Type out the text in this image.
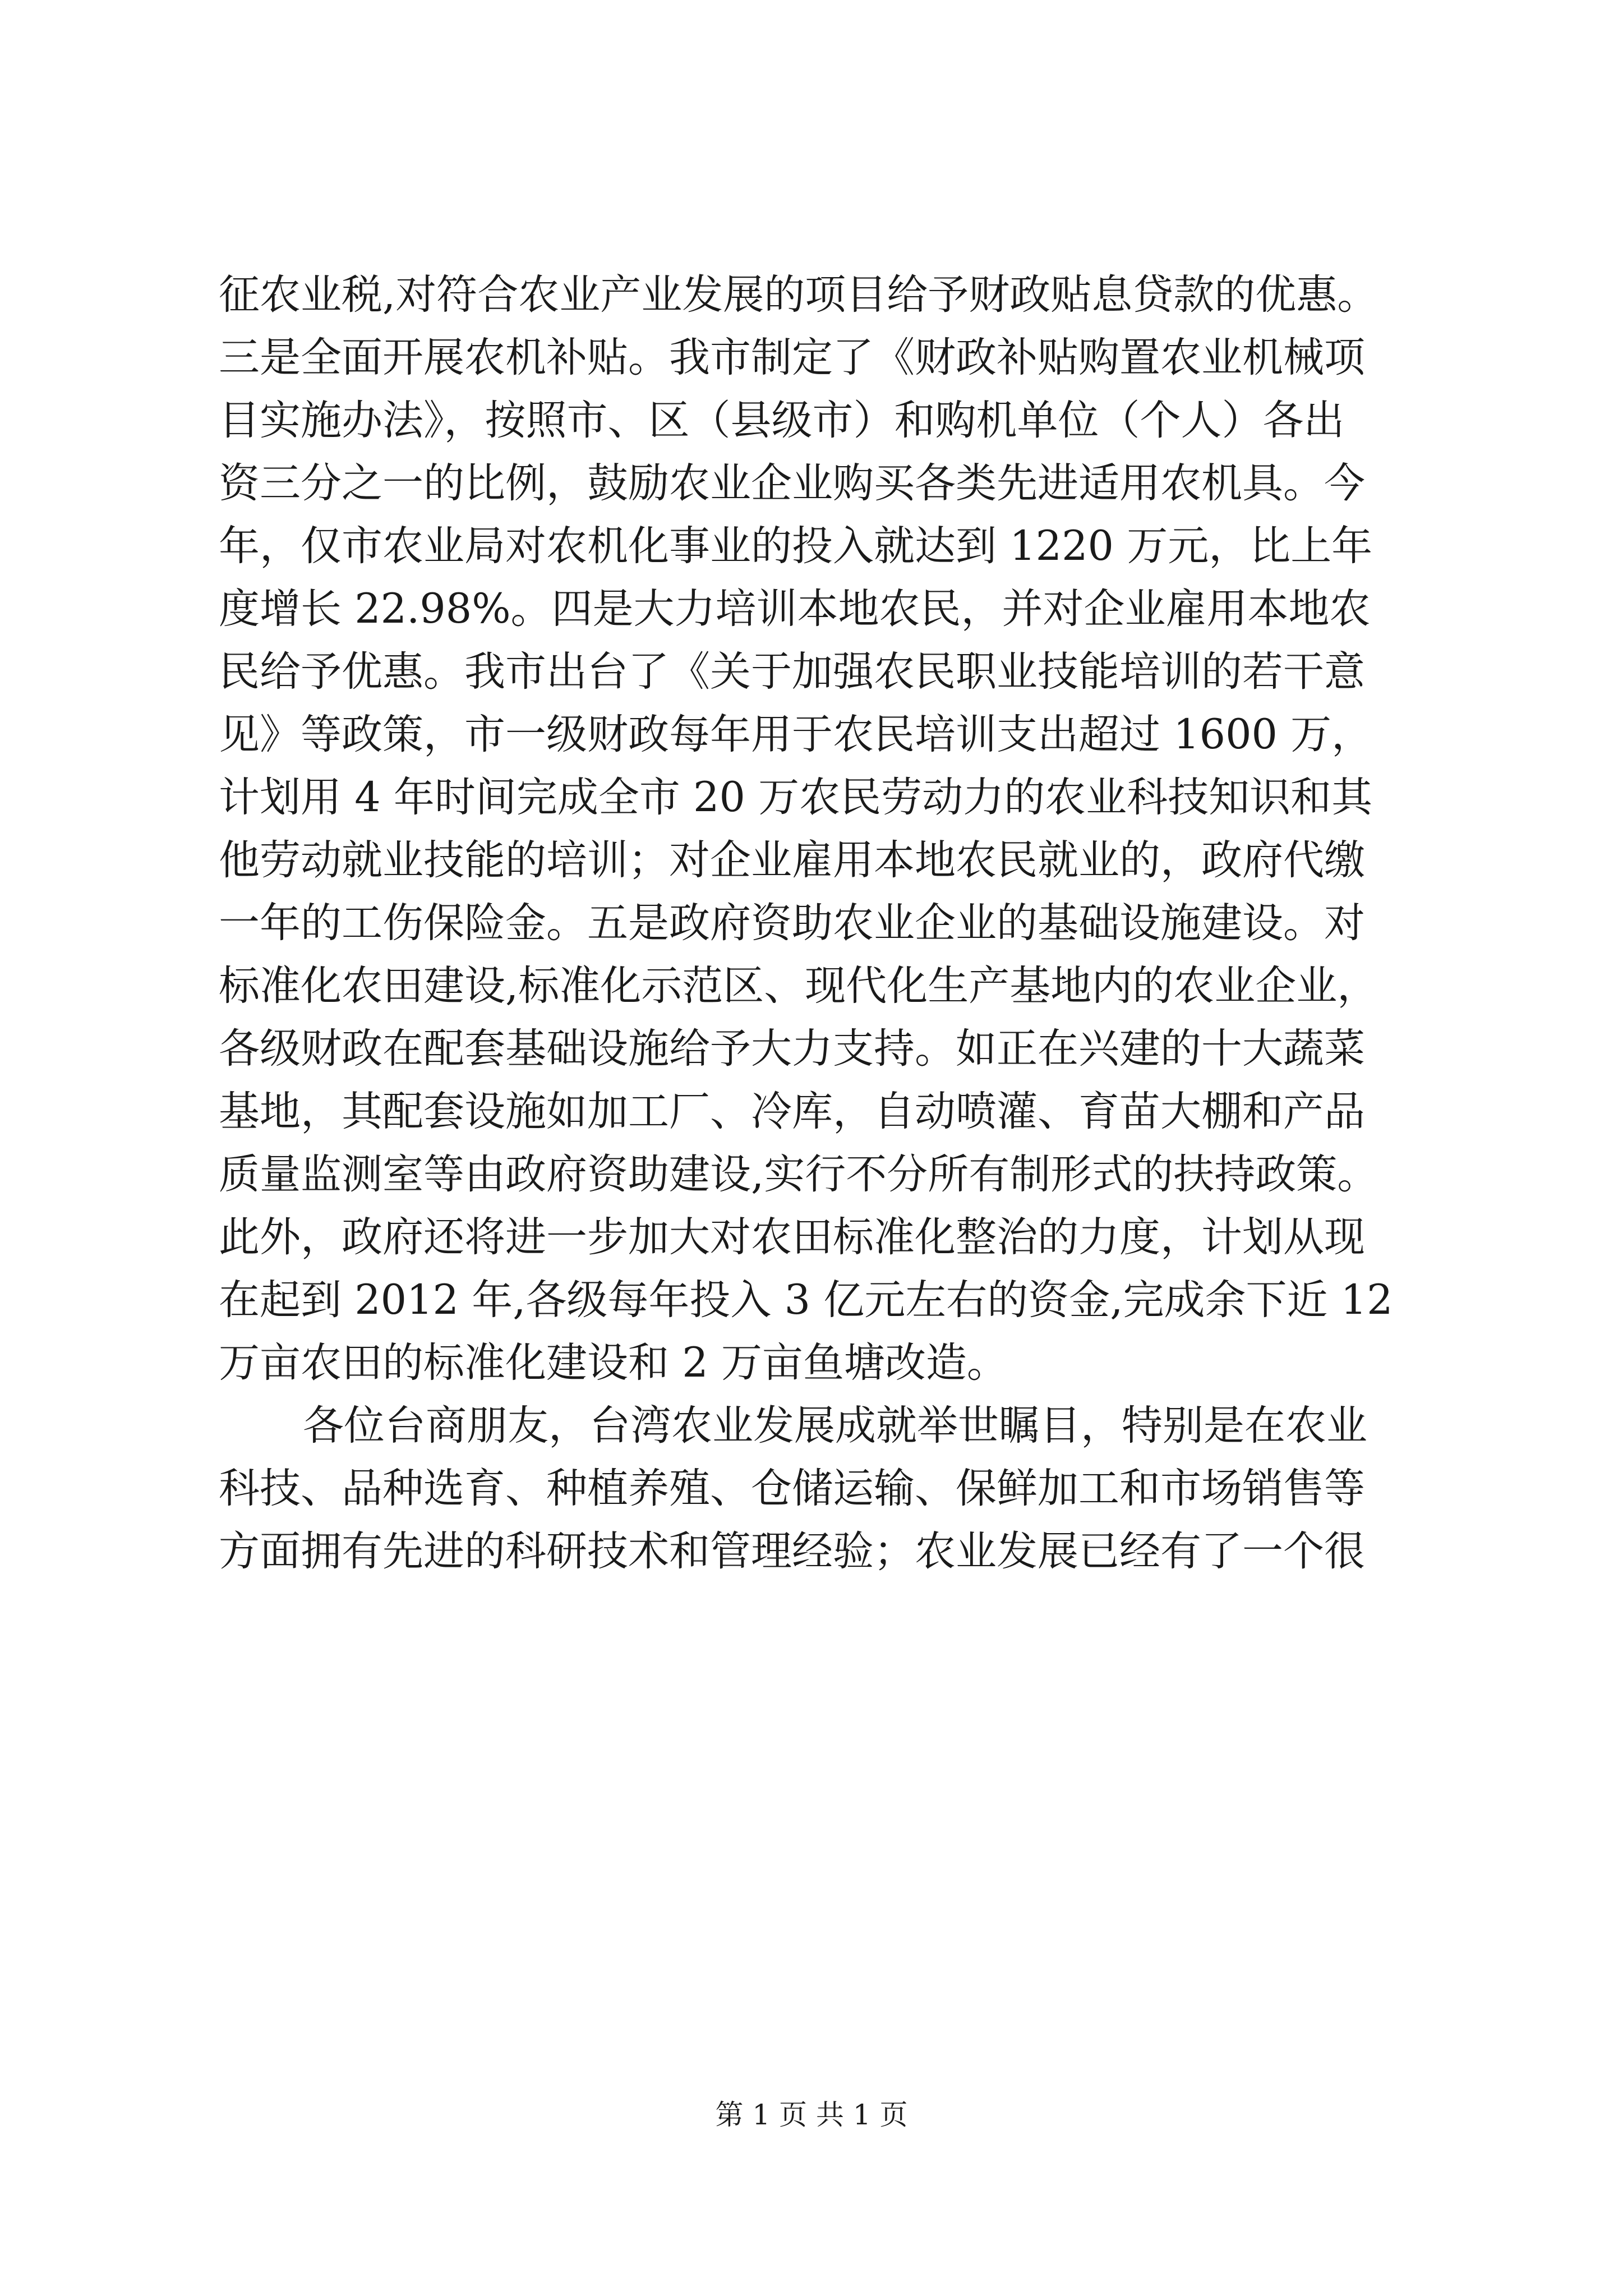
征农业税,对符合农业产业发展的项目给予财政贴息贷款的优惠。
三是全面开展农机补贴。我市制定了《财政补贴购置农业机械项
目实施办法》，按照市、区（县级市）和购机单位（个人）各出
资三分之一的比例，鼓励农业企业购买各类先进适用农机具。今
年，仅市农业局对农机化事业的投入就达到 1220 万元，比上年
度增长 22.98%。四是大力培训本地农民，并对企业雇用本地农
民给予优惠。我市出台了《关于加强农民职业技能培训的若干意
见》等政策，市一级财政每年用于农民培训支出超过 1600 万，
计划用 4 年时间完成全市 20 万农民劳动力的农业科技知识和其
他劳动就业技能的培训；对企业雇用本地农民就业的，政府代缴
一年的工伤保险金。五是政府资助农业企业的基础设施建设。对
标准化农田建设,标准化示范区、现代化生产基地内的农业企业，
各级财政在配套基础设施给予大力支持。如正在兴建的十大蔬菜
基地，其配套设施如加工厂、冷库，自动喷灌、育苗大棚和产品
质量监测室等由政府资助建设,实行不分所有制形式的扶持政策。
此外，政府还将进一步加大对农田标准化整治的力度，计划从现
在起到 2012 年,各级每年投入 3 亿元左右的资金,完成余下近 12
万亩农田的标准化建设和 2 万亩鱼塘改造。
各位台商朋友，台湾农业发展成就举世瞩目，特别是在农业
科技、品种选育、种植养殖、仓储运输、保鲜加工和市场销售等
方面拥有先进的科研技术和管理经验；农业发展已经有了一个很
第 1 页 共 1 页
